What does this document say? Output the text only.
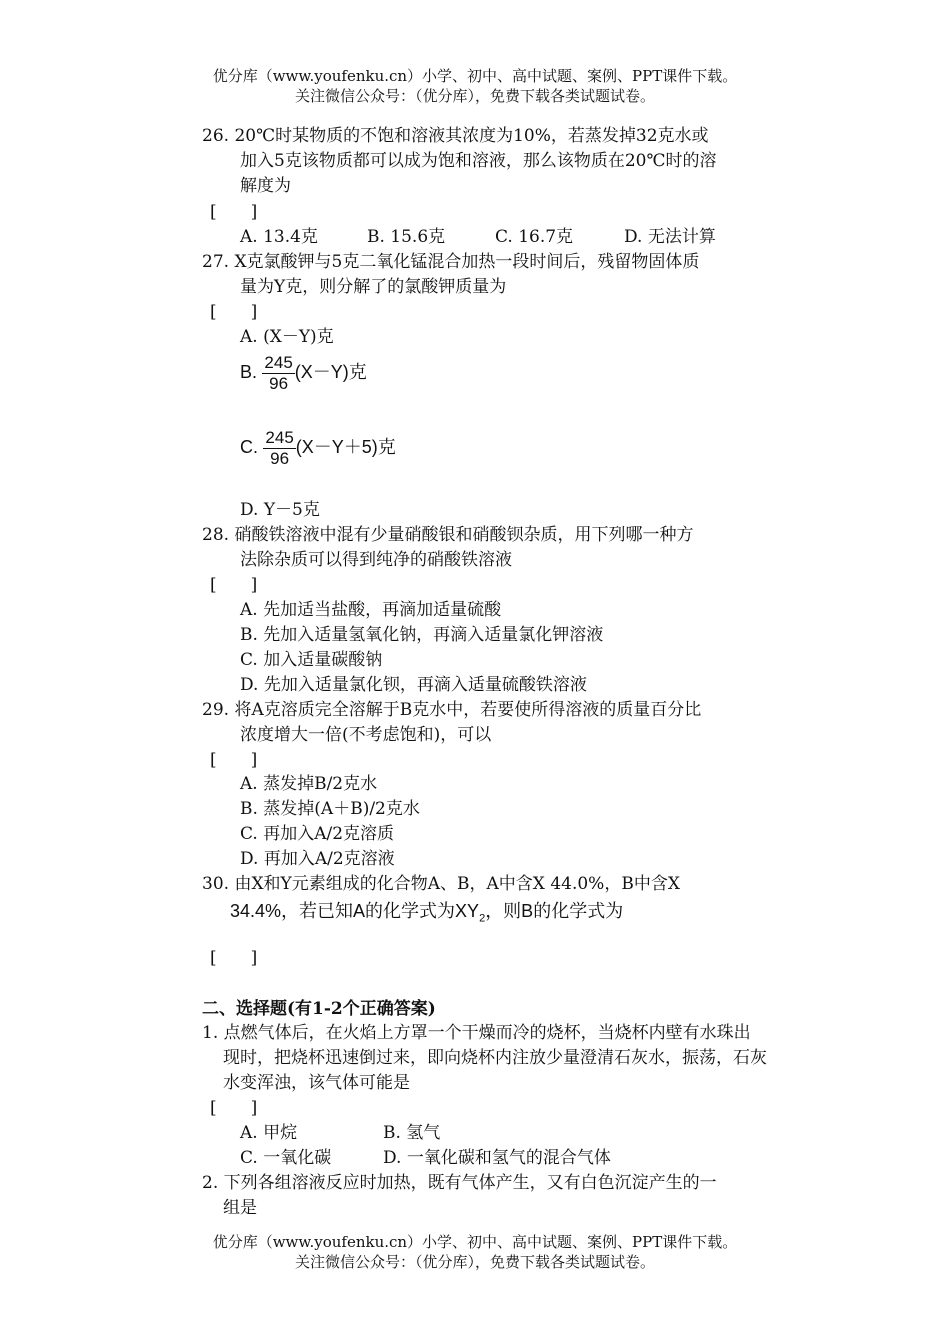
优分库（www.youfenku.cn）小学、初中、高中试题、案例、PPT课件下载。
关注微信公众号：（优分库），免费下载各类试题试卷。
26. 20℃时某物质的不饱和溶液其浓度为10%，若蒸发掉32克水或
加入5克该物质都可以成为饱和溶液，那么该物质在20℃时的溶
解度为
[　　]
A. 13.4克	B. 15.6克	C. 16.7克	D. 无法计算
27. X克氯酸钾与5克二氧化锰混合加热一段时间后，残留物固体质
量为Y克，则分解了的氯酸钾质量为
[　　]
A. (X－Y)克
B. $\frac{245}{96} (X-Y)$克
C. $\frac{245}{96} (X-Y+5)$克
D. Y－5克
28. 硝酸铁溶液中混有少量硝酸银和硝酸钡杂质，用下列哪一种方
法除杂质可以得到纯净的硝酸铁溶液
[　　]
A. 先加适当盐酸，再滴加适量硫酸
B. 先加入适量氢氧化钠，再滴入适量氯化钾溶液
C. 加入适量碳酸钠
D. 先加入适量氯化钡，再滴入适量硫酸铁溶液
29. 将A克溶质完全溶解于B克水中，若要使所得溶液的质量百分比
浓度增大一倍(不考虑饱和)，可以
[　　]
A. 蒸发掉B/2克水
B. 蒸发掉(A＋B)/2克水
C. 再加入A/2克溶质
D. 再加入A/2克溶液
30. 由X和Y元素组成的化合物A、B，A中含X 44.0%，B中含X
34.4%，若已知A的化学式为$XY_2$，则B的化学式为
[　　]
二、选择题(有1-2个正确答案)
1. 点燃气体后，在火焰上方罩一个干燥而冷的烧杯，当烧杯内壁有水珠出
现时，把烧杯迅速倒过来，即向烧杯内注放少量澄清石灰水，振荡，石灰
水变浑浊，该气体可能是
[　　]
A. 甲烷	B. 氢气
C. 一氧化碳	D. 一氧化碳和氢气的混合气体
2. 下列各组溶液反应时加热，既有气体产生，又有白色沉淀产生的一
组是
优分库（www.youfenku.cn）小学、初中、高中试题、案例、PPT课件下载。
关注微信公众号：（优分库），免费下载各类试题试卷。
